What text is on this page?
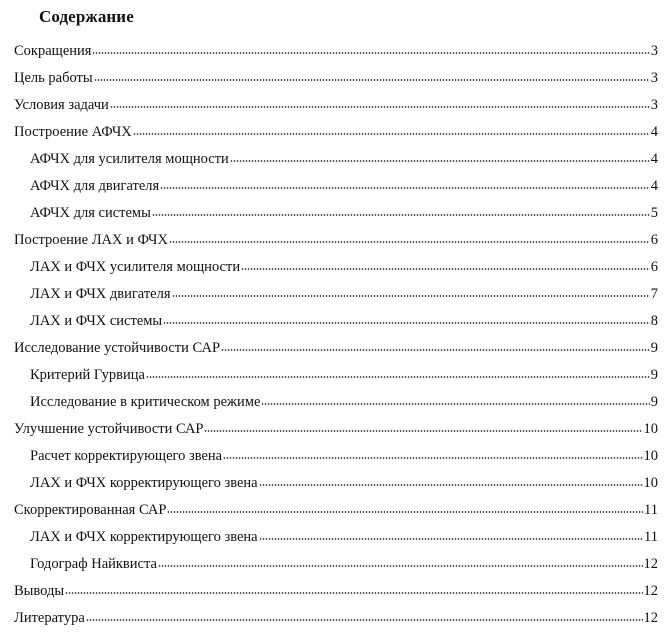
Содержание
Сокращения	3
Цель работы	3
Условия задачи	3
Построение АФЧХ	4
АФЧХ для усилителя мощности	4
АФЧХ для двигателя	4
АФЧХ для системы	5
Построение ЛАХ и ФЧХ	6
ЛАХ и ФЧХ усилителя мощности	6
ЛАХ и ФЧХ двигателя	7
ЛАХ и ФЧХ системы	8
Исследование устойчивости САР	9
Критерий Гурвица	9
Исследование в критическом режиме	9
Улучшение устойчивости САР	10
Расчет корректирующего звена	10
ЛАХ и ФЧХ корректирующего звена	10
Скорректированная САР	11
ЛАХ и ФЧХ корректирующего звена	11
Годограф Найквиста	12
Выводы	12
Литература	12
